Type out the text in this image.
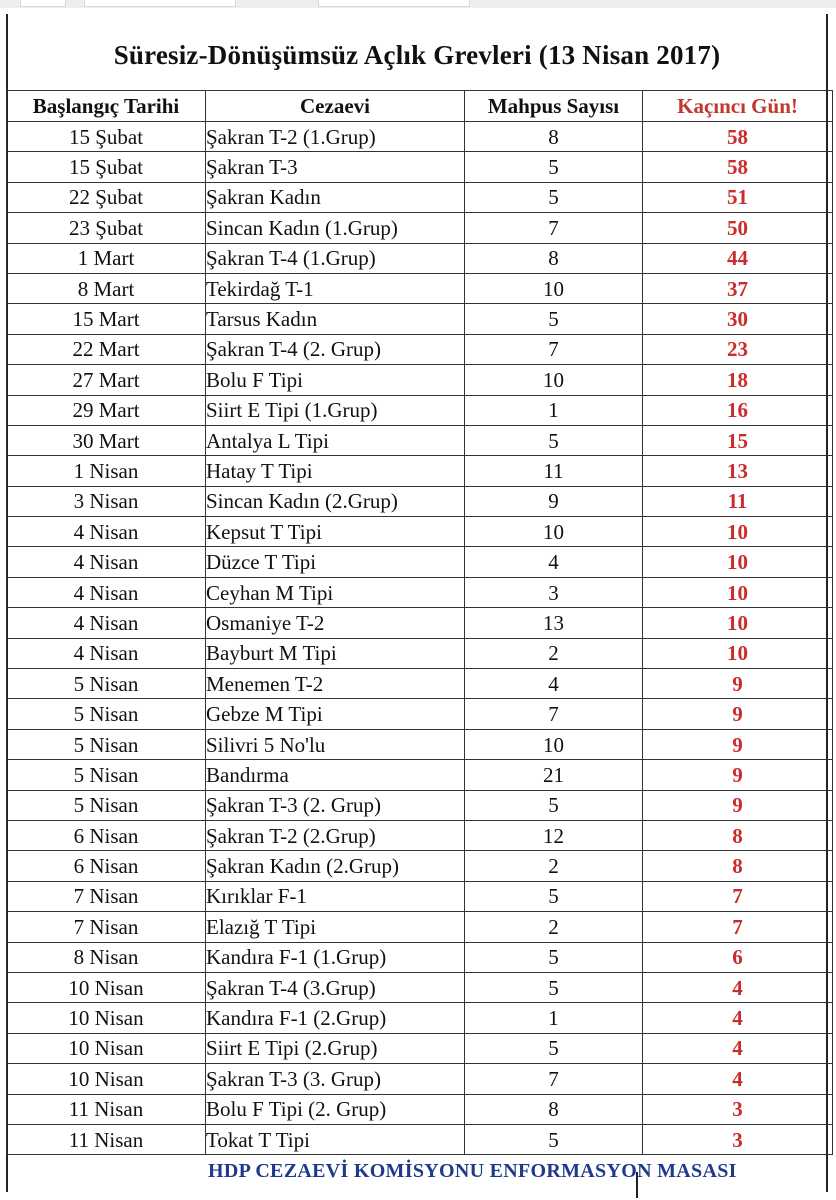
Süresiz-Dönüşümsüz Açlık Grevleri (13 Nisan 2017)
Başlangıç Tarihi	Cezaevi	Mahpus Sayısı	Kaçıncı Gün!
15 Şubat	Şakran T-2 (1.Grup)	8	58
15 Şubat	Şakran T-3	5	58
22 Şubat	Şakran Kadın	5	51
23 Şubat	Sincan Kadın (1.Grup)	7	50
1 Mart	Şakran T-4 (1.Grup)	8	44
8 Mart	Tekirdağ T-1	10	37
15 Mart	Tarsus Kadın	5	30
22 Mart	Şakran T-4 (2. Grup)	7	23
27 Mart	Bolu F Tipi	10	18
29 Mart	Siirt E Tipi (1.Grup)	1	16
30 Mart	Antalya L Tipi	5	15
1 Nisan	Hatay T Tipi	11	13
3 Nisan	Sincan Kadın (2.Grup)	9	11
4 Nisan	Kepsut T Tipi	10	10
4 Nisan	Düzce T Tipi	4	10
4 Nisan	Ceyhan M Tipi	3	10
4 Nisan	Osmaniye T-2	13	10
4 Nisan	Bayburt M Tipi	2	10
5 Nisan	Menemen T-2	4	9
5 Nisan	Gebze M Tipi	7	9
5 Nisan	Silivri 5 No'lu	10	9
5 Nisan	Bandırma	21	9
5 Nisan	Şakran T-3 (2. Grup)	5	9
6 Nisan	Şakran T-2 (2.Grup)	12	8
6 Nisan	Şakran Kadın (2.Grup)	2	8
7 Nisan	Kırıklar F-1	5	7
7 Nisan	Elazığ T Tipi	2	7
8 Nisan	Kandıra F-1 (1.Grup)	5	6
10 Nisan	Şakran T-4 (3.Grup)	5	4
10 Nisan	Kandıra F-1 (2.Grup)	1	4
10 Nisan	Siirt E Tipi (2.Grup)	5	4
10 Nisan	Şakran T-3 (3. Grup)	7	4
11 Nisan	Bolu F Tipi (2. Grup)	8	3
11 Nisan	Tokat T Tipi	5	3
HDP CEZAEVİ KOMİSYONU ENFORMASYON MASASI
